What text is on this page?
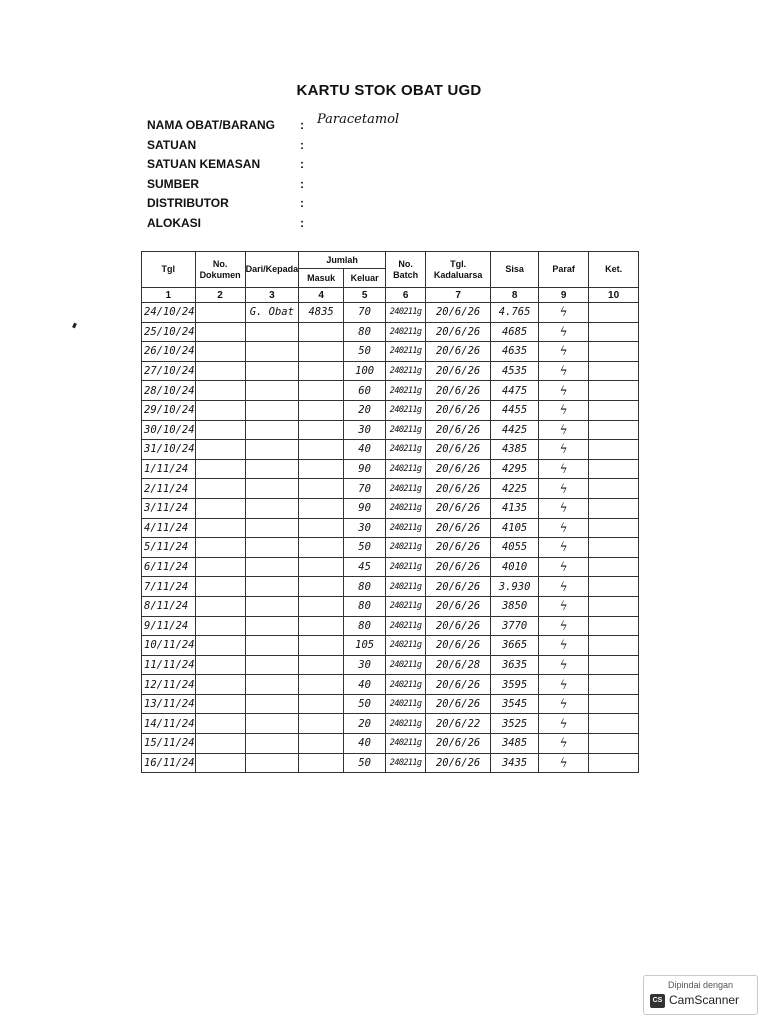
KARTU STOK OBAT UGD
NAMA OBAT/BARANG : Paracetamol
SATUAN	:
SATUAN KEMASAN	:
SUMBER	:
DISTRIBUTOR	:
ALOKASI	:
Tgl	No. Dokumen	Dari/Kepada	Jumlah		No. Batch	Tgl. Kadaluarsa	Sisa	Paraf	Ket.
			Masuk	Keluar					
1	2	3	4	5	6	7	8	9	10
24/10/24		G. Obat	4835	70	240211g	20/6/26	4.765	ϟ	
25/10/24				80	240211g	20/6/26	4685	ϟ	
26/10/24				50	240211g	20/6/26	4635	ϟ	
27/10/24				100	240211g	20/6/26	4535	ϟ	
28/10/24				60	240211g	20/6/26	4475	ϟ	
29/10/24				20	240211g	20/6/26	4455	ϟ	
30/10/24				30	240211g	20/6/26	4425	ϟ	
31/10/24				40	240211g	20/6/26	4385	ϟ	
1/11/24				90	240211g	20/6/26	4295	ϟ	
2/11/24				70	240211g	20/6/26	4225	ϟ	
3/11/24				90	240211g	20/6/26	4135	ϟ	
4/11/24				30	240211g	20/6/26	4105	ϟ	
5/11/24				50	240211g	20/6/26	4055	ϟ	
6/11/24				45	240211g	20/6/26	4010	ϟ	
7/11/24				80	240211g	20/6/26	3.930	ϟ	
8/11/24				80	240211g	20/6/26	3850	ϟ	
9/11/24				80	240211g	20/6/26	3770	ϟ	
10/11/24				105	240211g	20/6/26	3665	ϟ	
11/11/24				30	240211g	20/6/28	3635	ϟ	
12/11/24				40	240211g	20/6/26	3595	ϟ	
13/11/24				50	240211g	20/6/26	3545	ϟ	
14/11/24				20	240211g	20/6/22	3525	ϟ	
15/11/24				40	240211g	20/6/26	3485	ϟ	
16/11/24				50	240211g	20/6/26	3435	ϟ	
Dipindai dengan
CS CamScanner
